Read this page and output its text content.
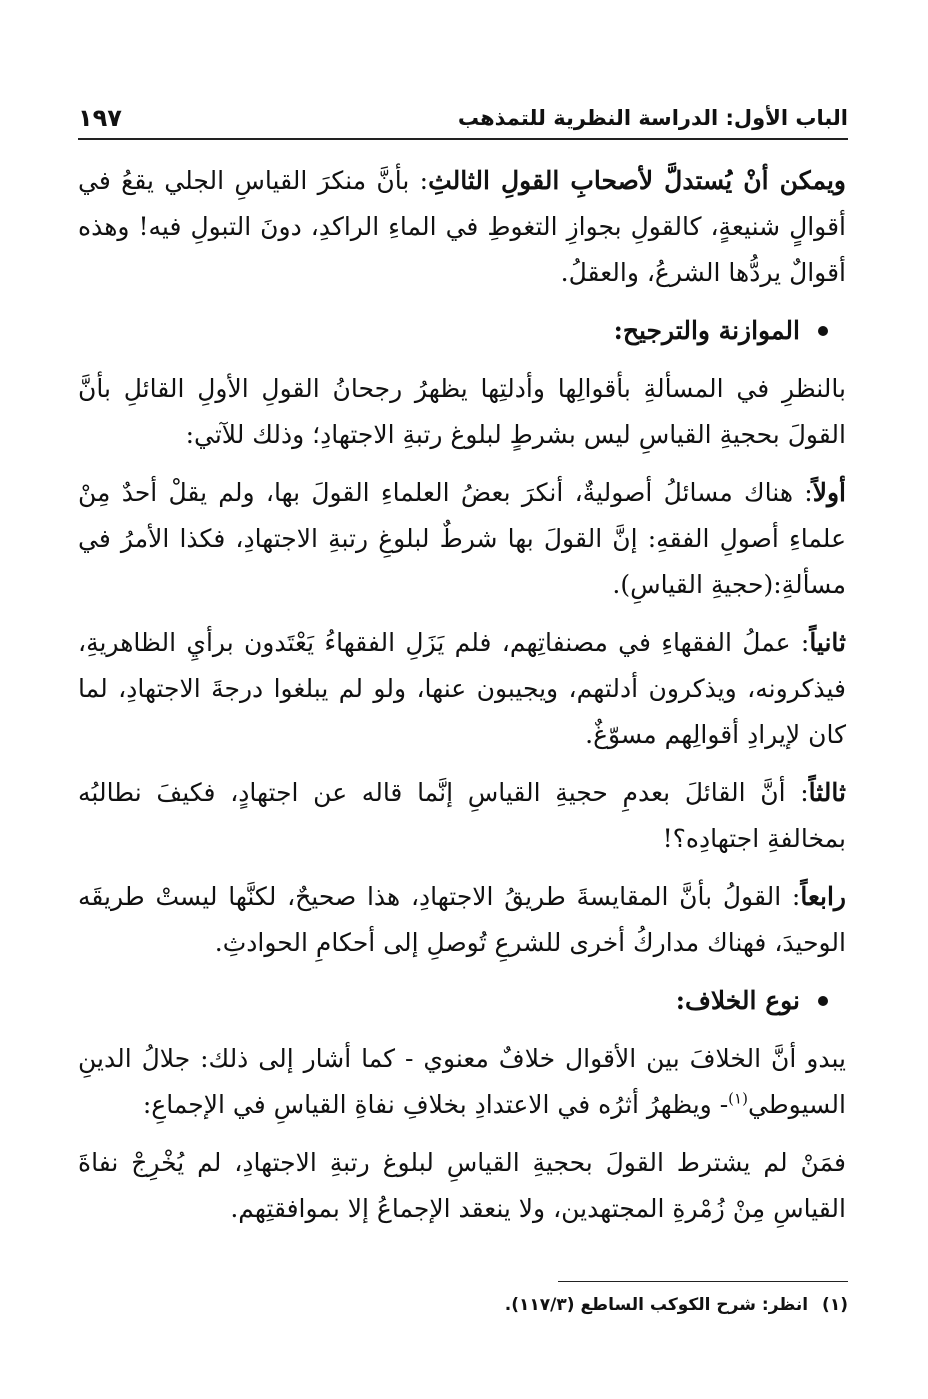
الباب الأول: الدراسة النظرية للتمذهب
١٩٧

ويمكن أنْ يُستدلَّ لأصحابِ القولِ الثالثِ: بأنَّ منكرَ القياسِ الجلي يقعُ في أقوالٍ شنيعةٍ، كالقولِ بجوازِ التغوطِ في الماءِ الراكدِ، دونَ التبولِ فيه! وهذه أقوالٌ يردُّها الشرعُ، والعقلُ.

الموازنة والترجيح:

بالنظرِ في المسألةِ بأقوالِها وأدلتِها يظهرُ رجحانُ القولِ الأولِ القائلِ بأنَّ القولَ بحجيةِ القياسِ ليس بشرطٍ لبلوغ رتبةِ الاجتهادِ؛ وذلك للآتي:

أولاً: هناك مسائلُ أصوليةٌ، أنكرَ بعضُ العلماءِ القولَ بها، ولم يقلْ أحدٌ مِنْ علماءِ أصولِ الفقهِ: إنَّ القولَ بها شرطٌ لبلوغِ رتبةِ الاجتهادِ، فكذا الأمرُ في مسألةِ:(حجيةِ القياسِ).

ثانياً: عملُ الفقهاءِ في مصنفاتِهم، فلم يَزَلِ الفقهاءُ يَعْتَدون برأيِ الظاهريةِ، فيذكرونه، ويذكرون أدلتهم، ويجيبون عنها، ولو لم يبلغوا درجةَ الاجتهادِ، لما كان لإيرادِ أقوالِهم مسوّغٌ.

ثالثاً: أنَّ القائلَ بعدمِ حجيةِ القياسِ إنَّما قاله عن اجتهادٍ، فكيفَ نطالبُه بمخالفةِ اجتهادِه؟!

رابعاً: القولُ بأنَّ المقايسةَ طريقُ الاجتهادِ، هذا صحيحٌ، لكنَّها ليستْ طريقَه الوحيدَ، فهناك مداركُ أخرى للشرعِ تُوصلِ إلى أحكامِ الحوادثِ.

نوع الخلاف:

يبدو أنَّ الخلافَ بين الأقوال خلافٌ معنوي - كما أشار إلى ذلك: جلالُ الدينِ السيوطي$^{(١)}$- ويظهرُ أثرُه في الاعتدادِ بخلافِ نفاةِ القياسِ في الإجماعِ:

فمَنْ لم يشترط القولَ بحجيةِ القياسِ لبلوغ رتبةِ الاجتهادِ، لم يُخْرِجْ نفاةَ القياسِ مِنْ زُمْرةِ المجتهدين، ولا ينعقد الإجماعُ إلا بموافقتِهم.

(١)انظر: شرح الكوكب الساطع (١١٧/٣).
